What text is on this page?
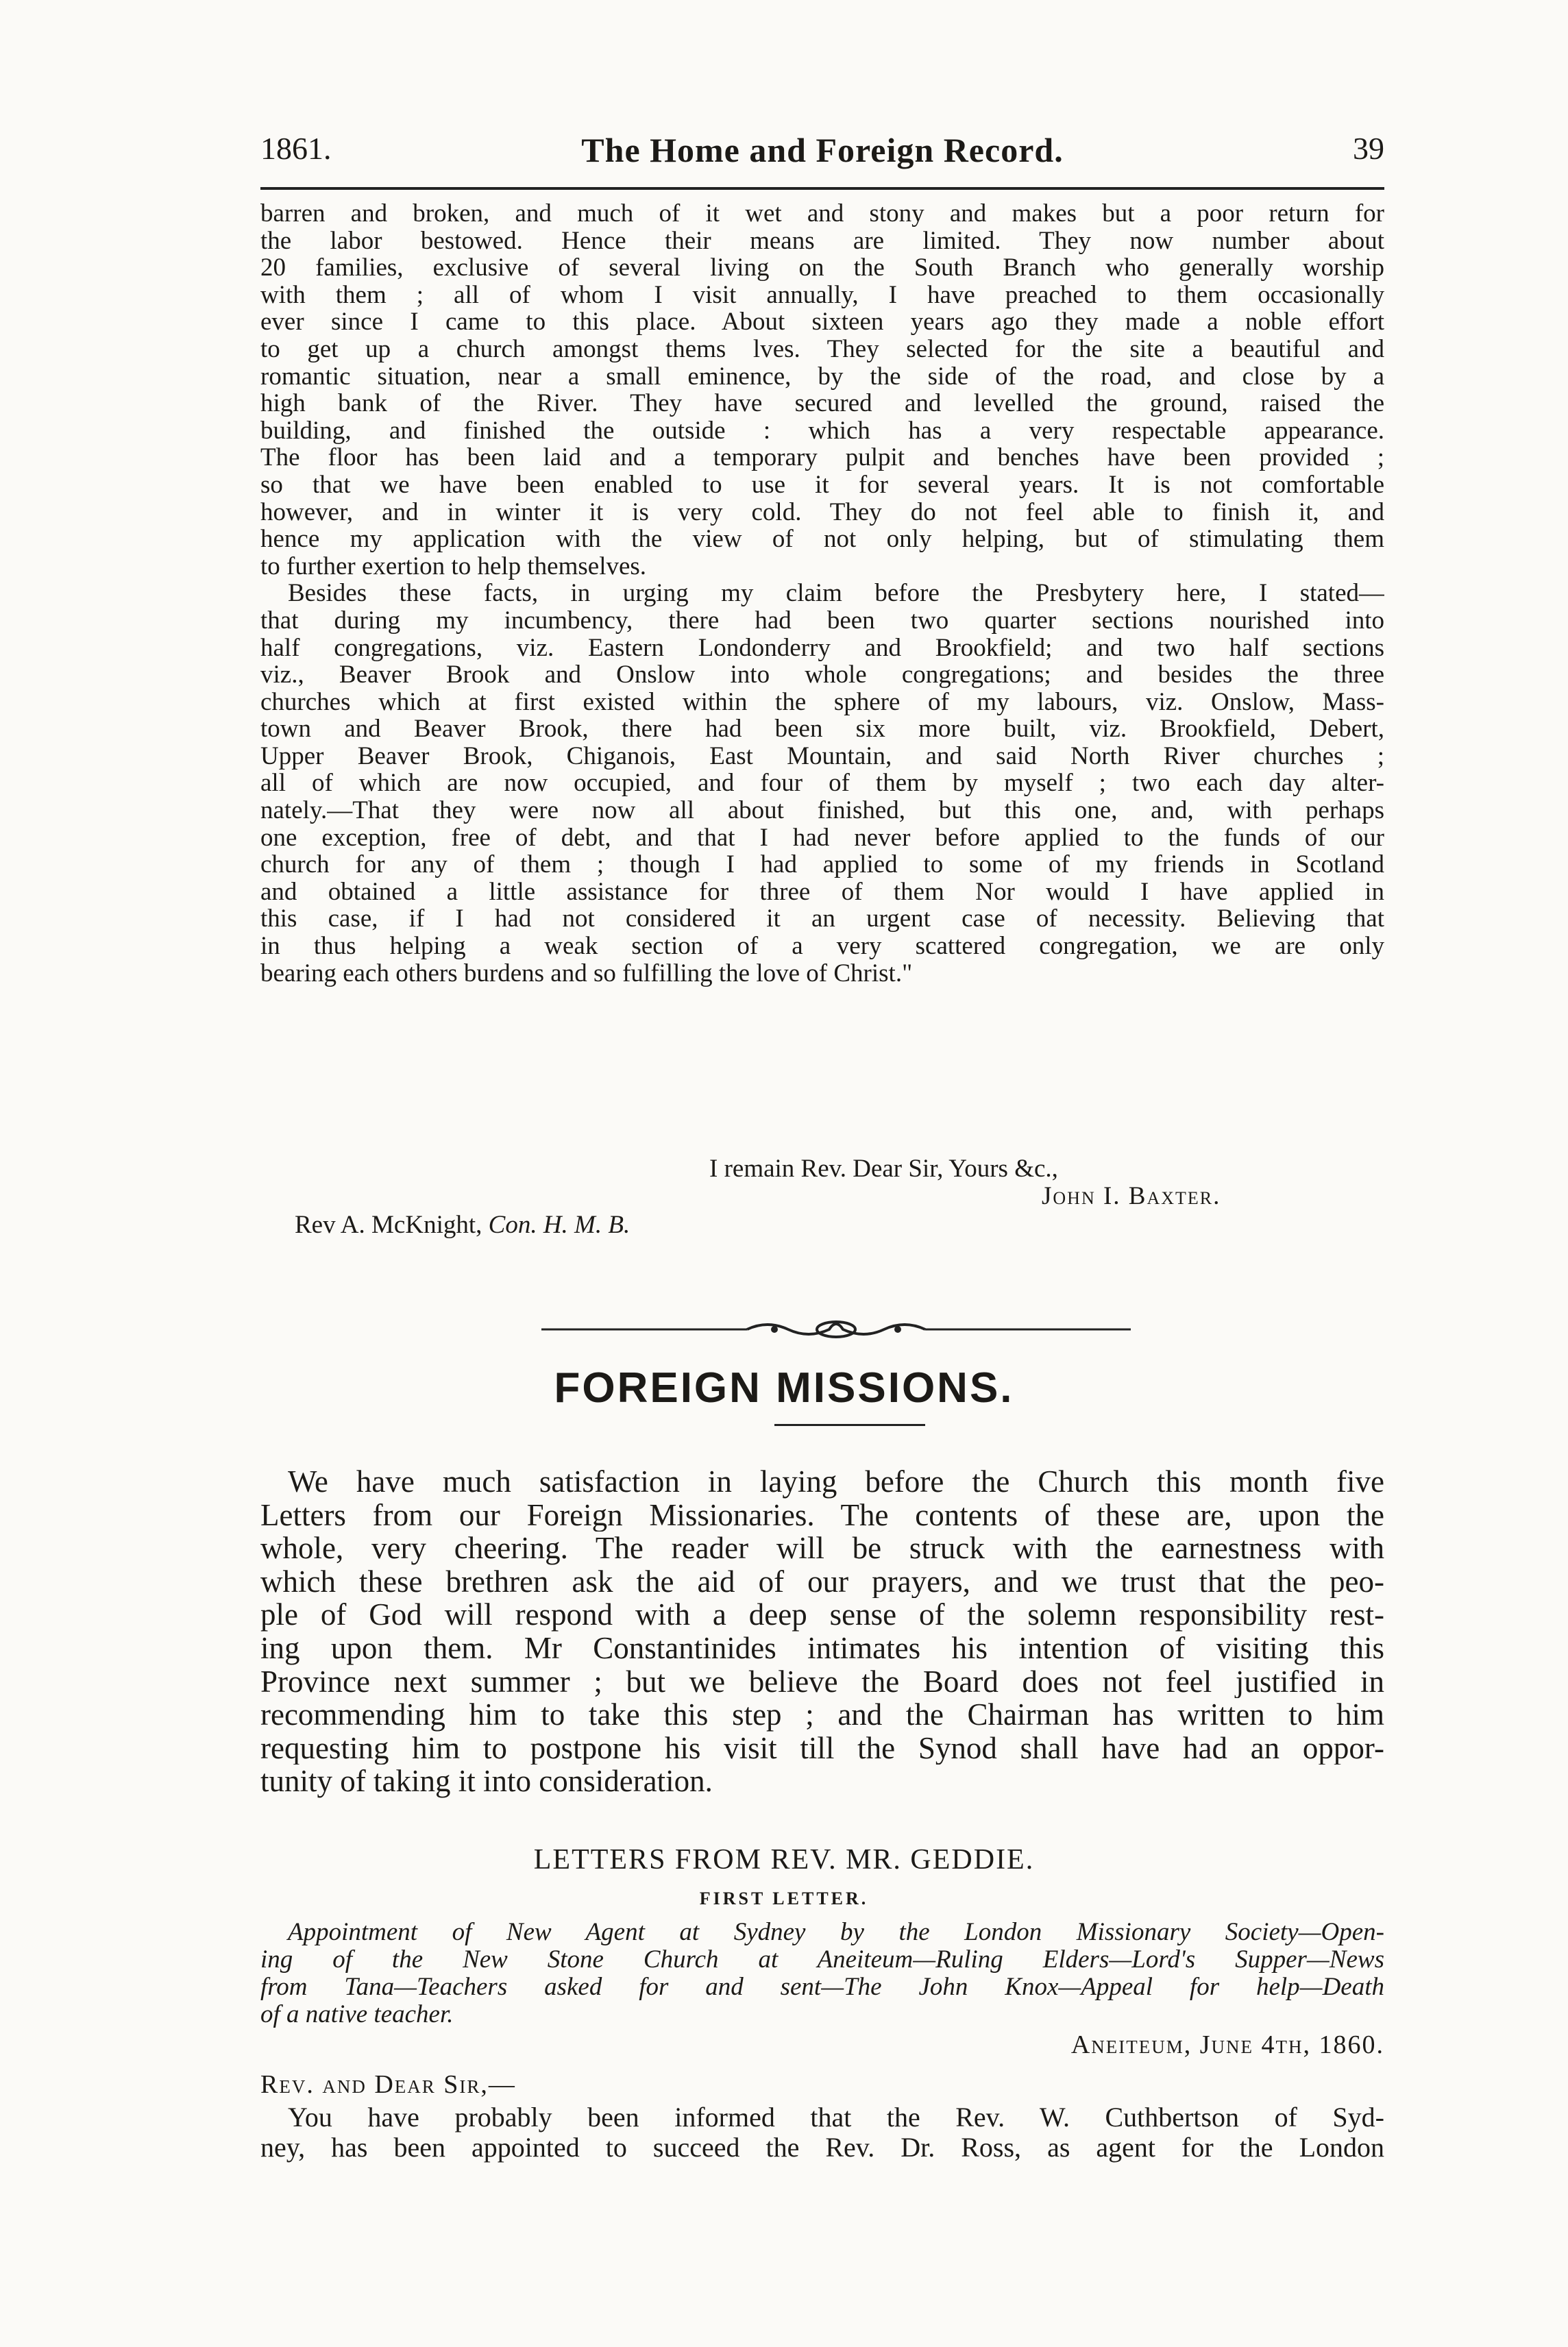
1861.	The Home and Foreign Record.	39

barren and broken, and much of it wet and stony and makes but a poor return for

the labor bestowed. Hence their means are limited. They now number about

20 families, exclusive of several living on the South Branch who generally worship

with them ; all of whom I visit annually, I have preached to them occasionally

ever since I came to this place. About sixteen years ago they made a noble effort

to get up a church amongst thems lves. They selected for the site a beautiful and

romantic situation, near a small eminence, by the side of the road, and close by a

high bank of the River. They have secured and levelled the ground, raised the

building, and finished the outside : which has a very respectable appearance.

The floor has been laid and a temporary pulpit and benches have been provided ;

so that we have been enabled to use it for several years. It is not comfortable

however, and in winter it is very cold. They do not feel able to finish it, and

hence my application with the view of not only helping, but of stimulating them

to further exertion to help themselves.

Besides these facts, in urging my claim before the Presbytery here, I stated—

that during my incumbency, there had been two quarter sections nourished into

half congregations, viz. Eastern Londonderry and Brookfield; and two half sections

viz., Beaver Brook and Onslow into whole congregations; and besides the three

churches which at first existed within the sphere of my labours, viz. Onslow, Mass-

town and Beaver Brook, there had been six more built, viz. Brookfield, Debert,

Upper Beaver Brook, Chiganois, East Mountain, and said North River churches ;

all of which are now occupied, and four of them by myself ; two each day alter-

nately.—That they were now all about finished, but this one, and, with perhaps

one exception, free of debt, and that I had never before applied to the funds of our

church for any of them ; though I had applied to some of my friends in Scotland

and obtained a little assistance for three of them Nor would I have applied in

this case, if I had not considered it an urgent case of necessity. Believing that

in thus helping a weak section of a very scattered congregation, we are only

bearing each others burdens and so fulfilling the love of Christ."

I remain Rev. Dear Sir, Yours &c.,
John I. Baxter.
Rev A. McKnight, Con. H. M. B.
FOREIGN MISSIONS.

We have much satisfaction in laying before the Church this month five

Letters from our Foreign Missionaries. The contents of these are, upon the

whole, very cheering. The reader will be struck with the earnestness with

which these brethren ask the aid of our prayers, and we trust that the peo-

ple of God will respond with a deep sense of the solemn responsibility rest-

ing upon them. Mr Constantinides intimates his intention of visiting this

Province next summer ; but we believe the Board does not feel justified in

recommending him to take this step ; and the Chairman has written to him

requesting him to postpone his visit till the Synod shall have had an oppor-

tunity of taking it into consideration.

LETTERS FROM REV. MR. GEDDIE.
FIRST LETTER.

Appointment of New Agent at Sydney by the London Missionary Society—Open-

ing of the New Stone Church at Aneiteum—Ruling Elders—Lord's Supper—News

from Tana—Teachers asked for and sent—The John Knox—Appeal for help—Death

of a native teacher.

Aneiteum, June 4th, 1860.
Rev. and Dear Sir,—

You have probably been informed that the Rev. W. Cuthbertson of Syd-

ney, has been appointed to succeed the Rev. Dr. Ross, as agent for the London
